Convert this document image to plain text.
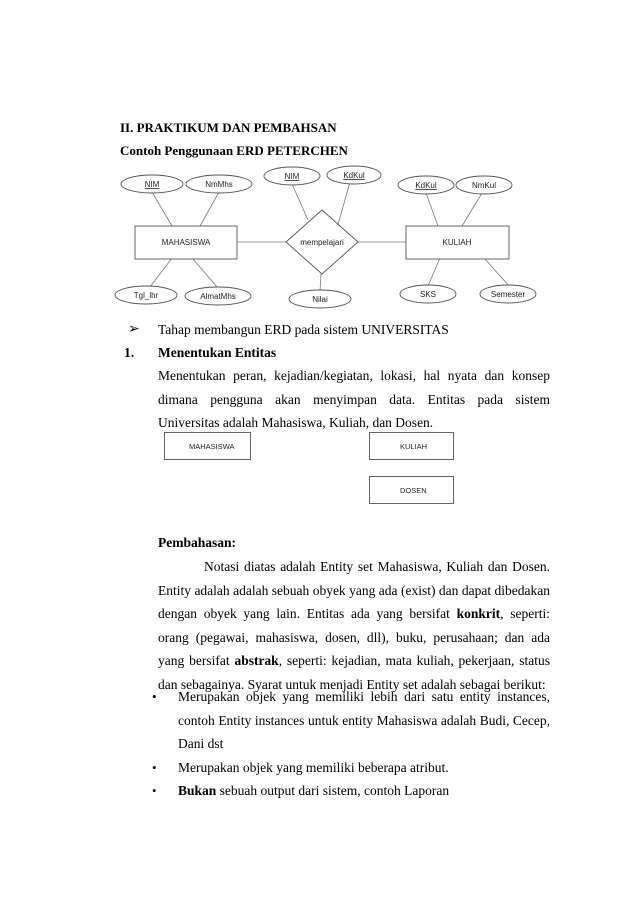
II. PRAKTIKUM DAN PEMBAHSAN
Contoh Penggunaan ERD PETERCHEN
MAHASISWA	KULIAH
mempelajari
NIM	NmMhs
Tgl_lhr	AlmatMhs
NIM	KdKul
Nilai
KdKul	NmKul
SKS	Semester
➢ Tahap membangun ERD pada sistem UNIVERSITAS
1. Menentukan Entitas
Menentukan peran, kejadian/kegiatan, lokasi, hal nyata dan konsep dimana pengguna akan menyimpan data. Entitas pada sistem Universitas adalah Mahasiswa, Kuliah, dan Dosen.
MAHASISWA	KULIAH
DOSEN
Pembahasan:
Notasi diatas adalah Entity set Mahasiswa, Kuliah dan Dosen. Entity adalah adalah sebuah obyek yang ada (exist) dan dapat dibedakan dengan obyek yang lain. Entitas ada yang bersifat konkrit, seperti: orang (pegawai, mahasiswa, dosen, dll), buku, perusahaan; dan ada yang bersifat abstrak, seperti: kejadian, mata kuliah, pekerjaan, status dan sebagainya. Syarat untuk menjadi Entity set adalah sebagai berikut:
• Merupakan objek yang memiliki lebih dari satu entity instances, contoh Entity instances untuk entity Mahasiswa adalah Budi, Cecep, Dani dst
• Merupakan objek yang memiliki beberapa atribut.
• Bukan sebuah output dari sistem, contoh Laporan
